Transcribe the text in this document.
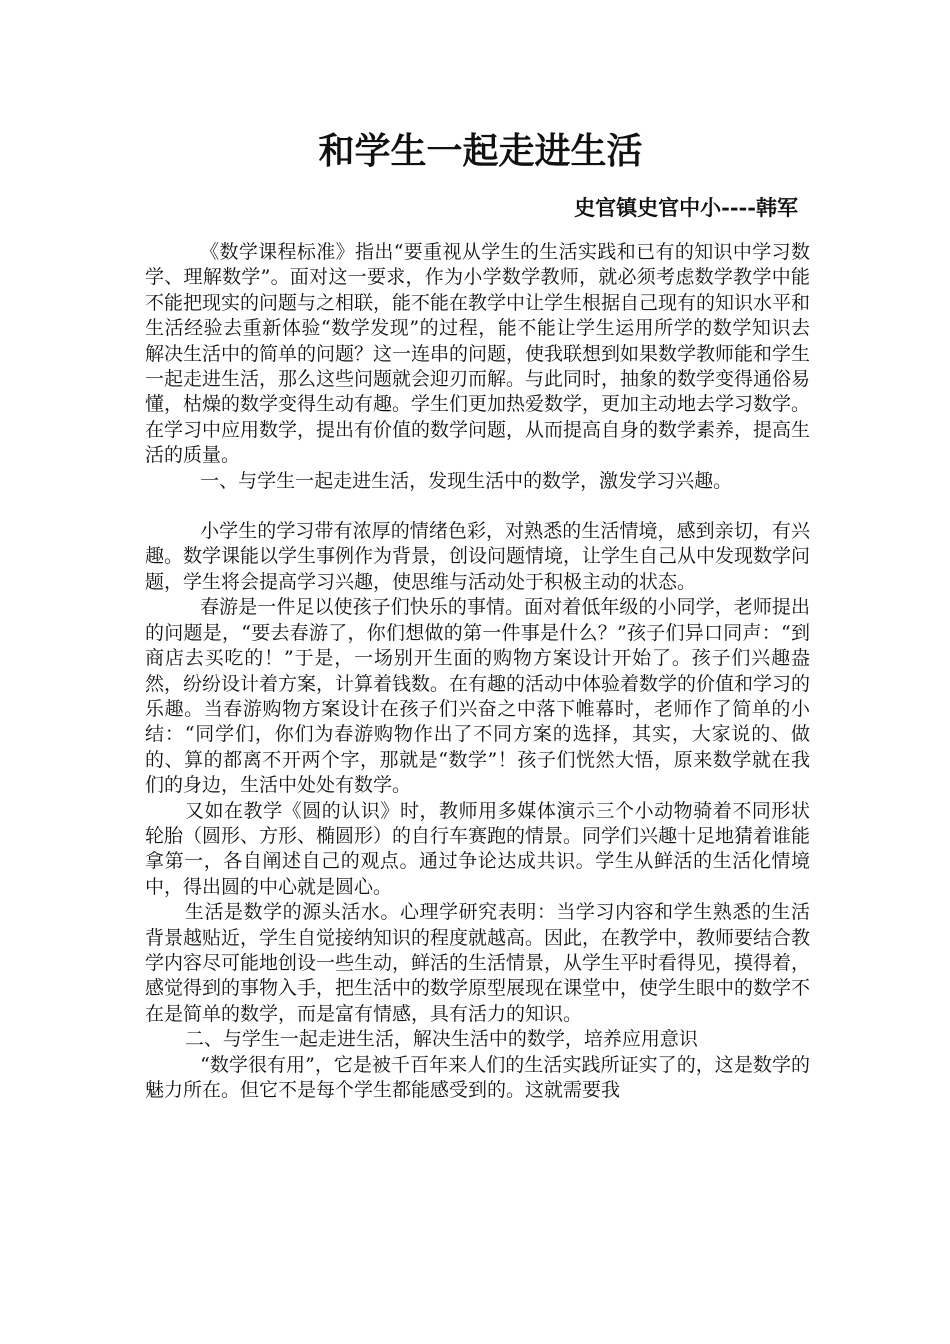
和学生一起走进生活
史官镇史官中小----韩军

《数学课程标准》指出“要重视从学生的生活实践和已有的知识中学习数学、理解数学”。面对这一要求，作为小学数学教师，就必须考虑数学教学中能不能把现实的问题与之相联，能不能在教学中让学生根据自己现有的知识水平和生活经验去重新体验“数学发现”的过程，能不能让学生运用所学的数学知识去解决生活中的简单的问题？这一连串的问题，使我联想到如果数学教师能和学生一起走进生活，那么这些问题就会迎刃而解。与此同时，抽象的数学变得通俗易懂，枯燥的数学变得生动有趣。学生们更加热爱数学，更加主动地去学习数学。在学习中应用数学，提出有价值的数学问题，从而提高自身的数学素养，提高生活的质量。

一、与学生一起走进生活，发现生活中的数学，激发学习兴趣。

小学生的学习带有浓厚的情绪色彩，对熟悉的生活情境，感到亲切，有兴趣。数学课能以学生事例作为背景，创设问题情境，让学生自己从中发现数学问题，学生将会提高学习兴趣，使思维与活动处于积极主动的状态。

春游是一件足以使孩子们快乐的事情。面对着低年级的小同学，老师提出的问题是，“要去春游了，你们想做的第一件事是什么？”孩子们异口同声：“到商店去买吃的！”于是，一场别开生面的购物方案设计开始了。孩子们兴趣盎然，纷纷设计着方案，计算着钱数。在有趣的活动中体验着数学的价值和学习的乐趣。当春游购物方案设计在孩子们兴奋之中落下帷幕时，老师作了简单的小结：“同学们，你们为春游购物作出了不同方案的选择，其实，大家说的、做的、算的都离不开两个字，那就是“数学”！孩子们恍然大悟，原来数学就在我们的身边，生活中处处有数学。

又如在教学《圆的认识》时，教师用多媒体演示三个小动物骑着不同形状轮胎（圆形、方形、椭圆形）的自行车赛跑的情景。同学们兴趣十足地猜着谁能拿第一，各自阐述自己的观点。通过争论达成共识。学生从鲜活的生活化情境中，得出圆的中心就是圆心。

生活是数学的源头活水。心理学研究表明：当学习内容和学生熟悉的生活背景越贴近，学生自觉接纳知识的程度就越高。因此，在教学中，教师要结合教学内容尽可能地创设一些生动，鲜活的生活情景，从学生平时看得见，摸得着，感觉得到的事物入手，把生活中的数学原型展现在课堂中，使学生眼中的数学不在是简单的数学，而是富有情感，具有活力的知识。

二、与学生一起走进生活，解决生活中的数学，培养应用意识

“数学很有用”，它是被千百年来人们的生活实践所证实了的，这是数学的魅力所在。但它不是每个学生都能感受到的。这就需要我
